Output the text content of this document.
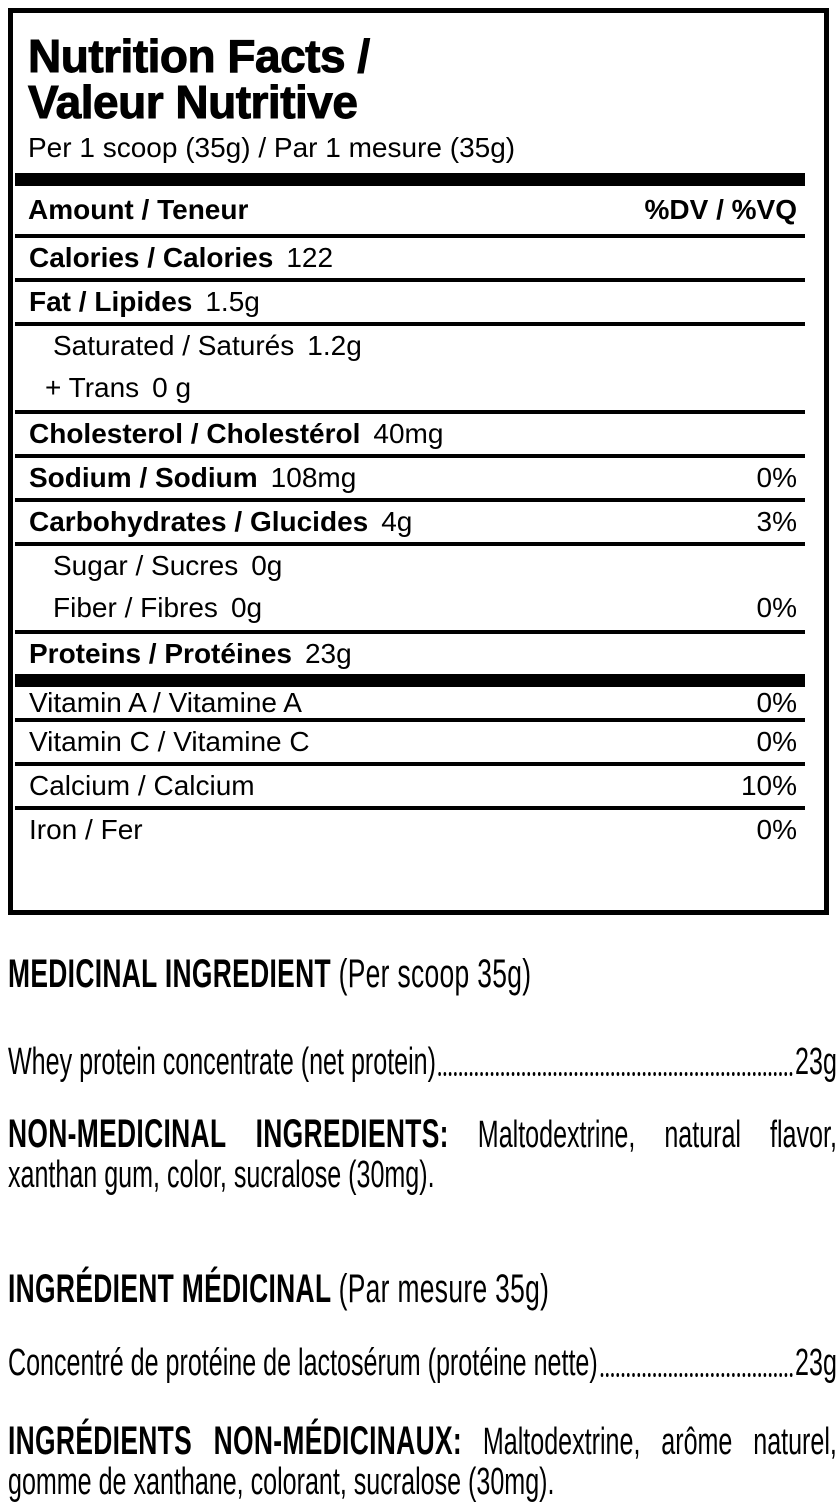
Nutrition Facts /
Valeur Nutritive

Per 1 scoop (35g) / Par 1 mesure (35g)

Amount / Teneur	%DV / %VQ
Calories / Calories 122
Fat / Lipides 1.5g
Saturated / Saturés 1.2g
+ Trans 0 g
Cholesterol / Cholestérol 40mg
Sodium / Sodium 108mg	0%
Carbohydrates / Glucides 4g	3%
Sugar / Sucres 0g
Fiber / Fibres 0g	0%
Proteins / Protéines 23g
Vitamin A / Vitamine A	0%
Vitamin C / Vitamine C	0%
Calcium / Calcium	10%
Iron / Fer	0%
MEDICINAL INGREDIENT (Per scoop 35g)
Whey protein concentrate (net protein)	23g

NON-MEDICINAL INGREDIENTS: Maltodextrine, natural flavor, xanthan gum, color, sucralose (30mg).

INGRÉDIENT MÉDICINAL (Par mesure 35g)
Concentré de protéine de lactosérum (protéine nette)	23g

INGRÉDIENTS NON-MÉDICINAUX: Maltodextrine, arôme naturel, gomme de xanthane, colorant, sucralose (30mg).
